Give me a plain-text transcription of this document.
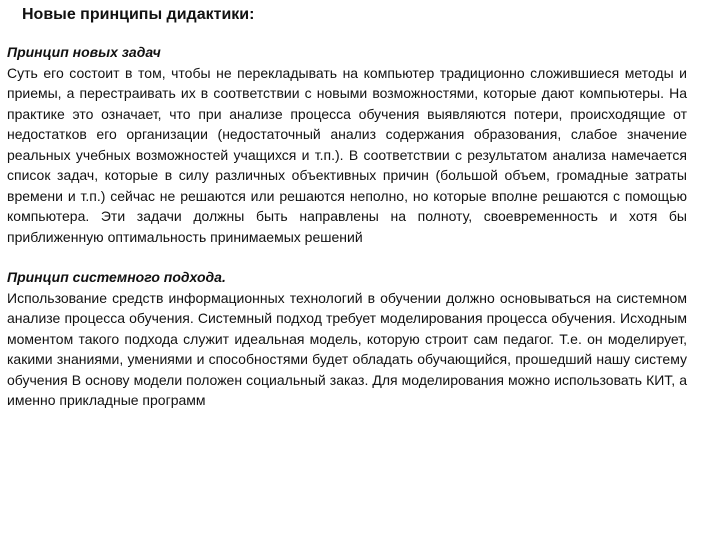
Новые принципы дидактики:

Принцип новых задач

Суть его состоит в том, чтобы не перекладывать на компьютер традиционно сложившиеся методы и приемы, а перестраивать их в соответствии с новыми возможностями, которые дают компьютеры. На практике это означает, что при анализе процесса обучения выявляются потери, происходящие от недостатков его организации (недостаточный анализ содержания образования, слабое значение реальных учебных возможностей учащихся и т.п.). В соответствии с результатом анализа намечается список задач, которые в силу различных объективных причин (большой объем, громадные затраты времени и т.п.) сейчас не решаются или решаются неполно, но которые вполне решаются с помощью компьютера. Эти задачи должны быть направлены на полноту, своевременность и хотя бы приближенную оптимальность принимаемых решений

Принцип системного подхода.

Использование средств информационных технологий в обучении должно основываться на системном анализе процесса обучения. Системный подход требует моделирования процесса обучения. Исходным моментом такого подхода служит идеальная модель, которую строит сам педагог. Т.е. он моделирует, какими знаниями, умениями и способностями будет обладать обучающийся, прошедший нашу систему обучения В основу модели положен социальный заказ. Для моделирования можно использовать КИТ, а именно прикладные программ
